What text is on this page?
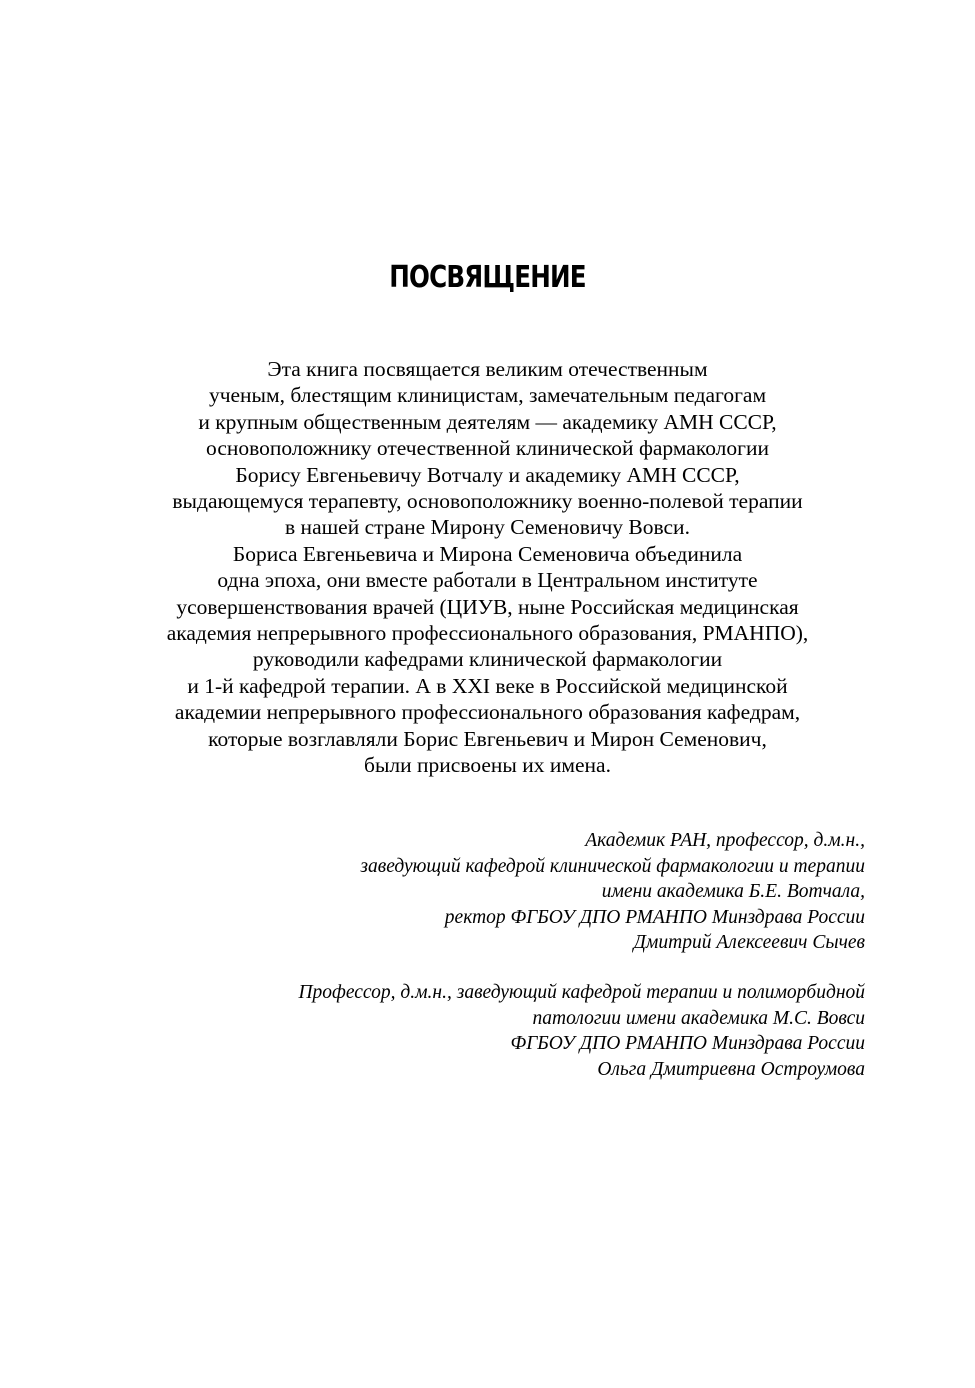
ПОСВЯЩЕНИЕ
Эта книга посвящается великим отечественным
ученым, блестящим клиницистам, замечательным педагогам
и крупным общественным деятелям — академику АМН СССР,
основоположнику отечественной клинической фармакологии
Борису Евгеньевичу Вотчалу и академику АМН СССР,
выдающемуся терапевту, основоположнику военно-полевой терапии
в нашей стране Мирону Семеновичу Вовси.
Бориса Евгеньевича и Мирона Семеновича объединила
одна эпоха, они вместе работали в Центральном институте
усовершенствования врачей (ЦИУВ, ныне Российская медицинская
академия непрерывного профессионального образования, РМАНПО),
руководили кафедрами клинической фармакологии
и 1-й кафедрой терапии. А в XXI веке в Российской медицинской
академии непрерывного профессионального образования кафедрам,
которые возглавляли Борис Евгеньевич и Мирон Семенович,
были присвоены их имена.
Академик РАН, профессор, д.м.н.,
заведующий кафедрой клинической фармакологии и терапии
имени академика Б.Е. Вотчала,
ректор ФГБОУ ДПО РМАНПО Минздрава России
Дмитрий Алексеевич Сычев
Профессор, д.м.н., заведующий кафедрой терапии и полиморбидной
патологии имени академика М.С. Вовси
ФГБОУ ДПО РМАНПО Минздрава России
Ольга Дмитриевна Остроумова
